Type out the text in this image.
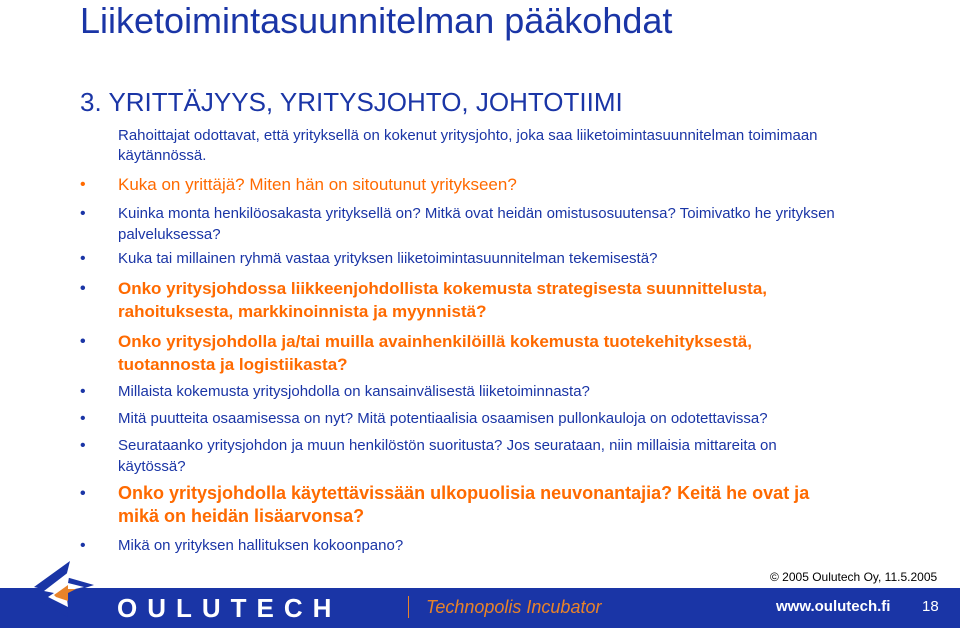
Liiketoimintasuunnitelman pääkohdat
3. YRITTÄJYYS, YRITYSJOHTO, JOHTOTIIMI
Rahoittajat odottavat, että yrityksellä on kokenut yritysjohto, joka saa liiketoimintasuunnitelman toimimaan käytännössä.
• Kuka on yrittäjä? Miten hän on sitoutunut yritykseen?
• Kuinka monta henkilöosakasta yrityksellä on? Mitkä ovat heidän omistusosuutensa? Toimivatko he yrityksen palveluksessa?
• Kuka tai millainen ryhmä vastaa yrityksen liiketoimintasuunnitelman tekemisestä?
• Onko yritysjohdossa liikkeenjohdollista kokemusta strategisesta suunnittelusta, rahoituksesta, markkinoinnista ja myynnistä?
• Onko yritysjohdolla ja/tai muilla avainhenkilöillä kokemusta tuotekehityksestä, tuotannosta ja logistiikasta?
• Millaista kokemusta yritysjohdolla on kansainvälisestä liiketoiminnasta?
• Mitä puutteita osaamisessa on nyt? Mitä potentiaalisia osaamisen pullonkauloja on odotettavissa?
• Seurataanko yritysjohdon ja muun henkilöstön suoritusta? Jos seurataan, niin millaisia mittareita on käytössä?
• Onko yritysjohdolla käytettävissään ulkopuolisia neuvonantajia? Keitä he ovat ja mikä on heidän lisäarvonsa?
• Mikä on yrityksen hallituksen kokoonpano?
OULUTECH	Technopolis Incubator
© 2005 Oulutech Oy, 11.5.2005
www.oulutech.fi 18
